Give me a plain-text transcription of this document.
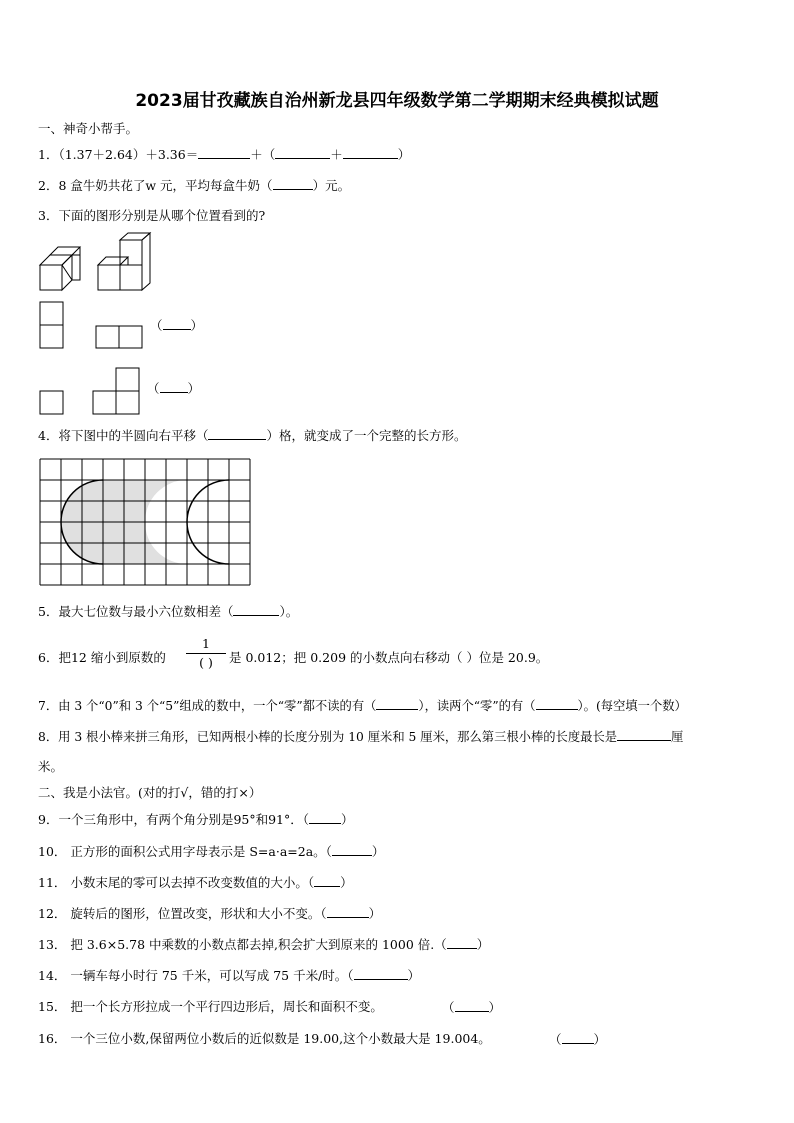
2023届甘孜藏族自治州新龙县四年级数学第二学期期末经典模拟试题
一、神奇小帮手。
1．（1.37＋2.64）＋3.36＝	＋（	＋	）
2．8 盒牛奶共花了w 元，平均每盒牛奶（	）元。
3．下面的图形分别是从哪个位置看到的?
（ ）
（ ）
4．将下图中的半圆向右平移（	）格，就变成了一个完整的长方形。
5．最大七位数与最小六位数相差（	）。
6．把12 缩小到原数的
1
( )	是 0.012；把 0.209 的小数点向右移动（ ）位是 20.9。
7．由 3 个“0”和 3 个“5”组成的数中，一个“零”都不读的有（	），读两个“零”的有（	）。(每空填一个数）
8．用 3 根小棒来拼三角形，已知两根小棒的长度分别为 10 厘米和 5 厘米，那么第三根小棒的长度最长是	厘
米。
二、我是小法官。(对的打√，错的打×）
9．一个三角形中，有两个角分别是95°和91°．（	）
10． 正方形的面积公式用字母表示是 S=a·a=2a。（	）
11． 小数末尾的零可以去掉不改变数值的大小。（ ）
12． 旋转后的图形，位置改变，形状和大小不变。（	）
13． 把 3.6×5.78 中乘数的小数点都去掉,积会扩大到原来的 1000 倍.（ ）
14． 一辆车每小时行 75 千米，可以写成 75 千米/时。（	）
15． 把一个长方形拉成一个平行四边形后，周长和面积不变。	（	）
16． 一个三位小数,保留两位小数后的近似数是 19.00,这个小数最大是 19.004。	（	）
